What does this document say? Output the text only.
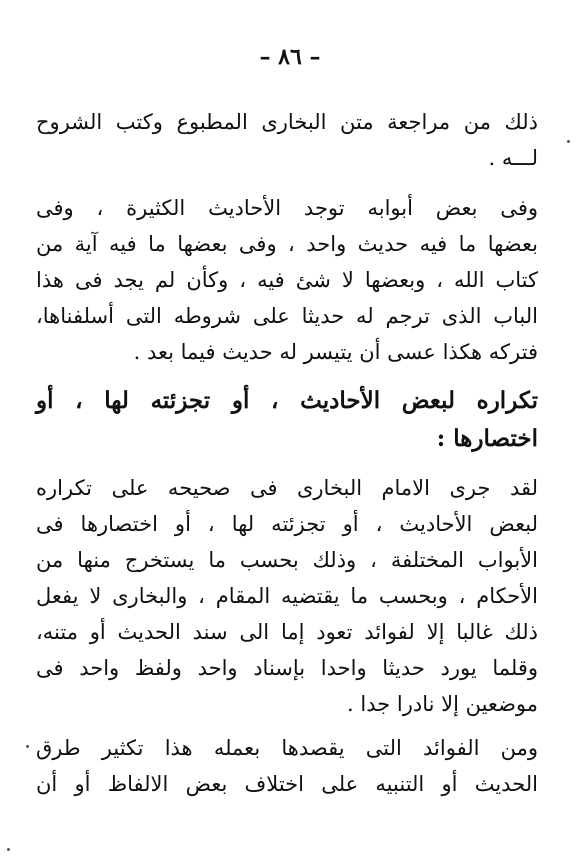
– ٨٦ –
ذلك من مراجعة متن البخارى المطبوع وكتب الشروح
لـــه .
وفى بعض أبوابه توجد الأحاديث الكثيرة ، وفى
بعضها ما فيه حديث واحد ، وفى بعضها ما فيه آية من
كتاب الله ، وبعضها لا شئ فيه ، وكأن لم يجد فى هذا
الباب الذى ترجم له حديثا على شروطه التى أسلفناها،
فتركه هكذا عسى أن يتيسر له حديث فيما بعد .
تكراره لبعض الأحاديث ، أو تجزئته لها ، أو
اختصارها :
لقد جرى الامام البخارى فى صحيحه على تكراره
لبعض الأحاديث ، أو تجزئته لها ، أو اختصارها فى
الأبواب المختلفة ، وذلك بحسب ما يستخرج منها من
الأحكام ، وبحسب ما يقتضيه المقام ، والبخارى لا يفعل
ذلك غالبا إلا لفوائد تعود إما الى سند الحديث أو متنه،
وقلما يورد حديثا واحدا بإسناد واحد ولفظ واحد فى
موضعين إلا نادرا جدا .
ومن الفوائد التى يقصدها بعمله هذا تكثير طرق
الحديث أو التنبيه على اختلاف بعض الالفاظ أو أن
